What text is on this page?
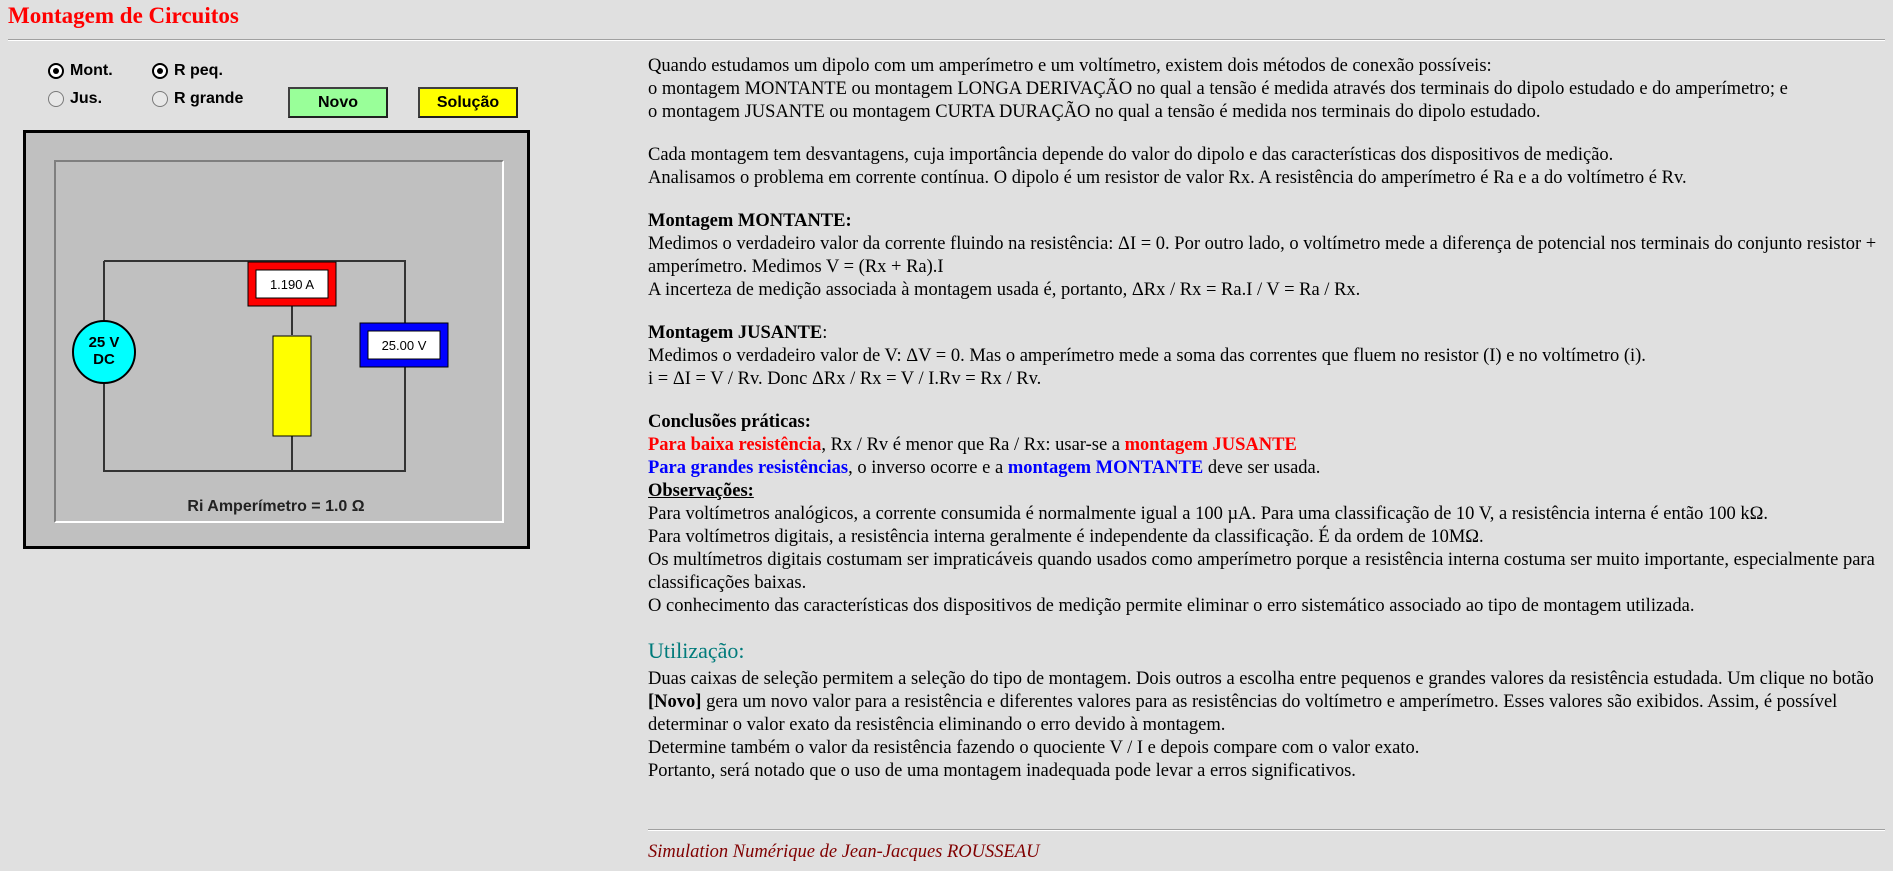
Montagem de Circuitos
Mont.
Jus.
R peq.
R grande	Novo	Solução
25 V
DC
1.190 A
25.00 V
Ri Amperímetro = 1.0 Ω

Quando estudamos um dipolo com um amperímetro e um voltímetro, existem dois métodos de conexão possíveis:
o montagem MONTANTE ou montagem LONGA DERIVAÇÃO no qual a tensão é medida através dos terminais do dipolo estudado e do amperímetro; e
o montagem JUSANTE ou montagem CURTA DURAÇÃO no qual a tensão é medida nos terminais do dipolo estudado.

Cada montagem tem desvantagens, cuja importância depende do valor do dipolo e das características dos dispositivos de medição.
Analisamos o problema em corrente contínua. O dipolo é um resistor de valor Rx. A resistência do amperímetro é Ra e a do voltímetro é Rv.

Montagem MONTANTE:
Medimos o verdadeiro valor da corrente fluindo na resistência: ΔI = 0. Por outro lado, o voltímetro mede a diferença de potencial nos terminais do conjunto resistor + amperímetro. Medimos V = (Rx + Ra).I
A incerteza de medição associada à montagem usada é, portanto, ΔRx / Rx = Ra.I / V = Ra / Rx.

Montagem JUSANTE:
Medimos o verdadeiro valor de V: ΔV = 0. Mas o amperímetro mede a soma das correntes que fluem no resistor (I) e no voltímetro (i).
i = ΔI = V / Rv. Donc ΔRx / Rx = V / I.Rv = Rx / Rv.

Conclusões práticas:
Para baixa resistência, Rx / Rv é menor que Ra / Rx: usar-se a montagem JUSANTE
Para grandes resistências, o inverso ocorre e a montagem MONTANTE deve ser usada.
Observações:
Para voltímetros analógicos, a corrente consumida é normalmente igual a 100 µA. Para uma classificação de 10 V, a resistência interna é então 100 kΩ.
Para voltímetros digitais, a resistência interna geralmente é independente da classificação. É da ordem de 10MΩ.
Os multímetros digitais costumam ser impraticáveis quando usados como amperímetro porque a resistência interna costuma ser muito importante, especialmente para classificações baixas.
O conhecimento das características dos dispositivos de medição permite eliminar o erro sistemático associado ao tipo de montagem utilizada.

Utilização:

Duas caixas de seleção permitem a seleção do tipo de montagem. Dois outros a escolha entre pequenos e grandes valores da resistência estudada. Um clique no botão [Novo] gera um novo valor para a resistência e diferentes valores para as resistências do voltímetro e amperímetro. Esses valores são exibidos. Assim, é possível determinar o valor exato da resistência eliminando o erro devido à montagem.
Determine também o valor da resistência fazendo o quociente V / I e depois compare com o valor exato.
Portanto, será notado que o uso de uma montagem inadequada pode levar a erros significativos.

Simulation Numérique de Jean-Jacques ROUSSEAU
